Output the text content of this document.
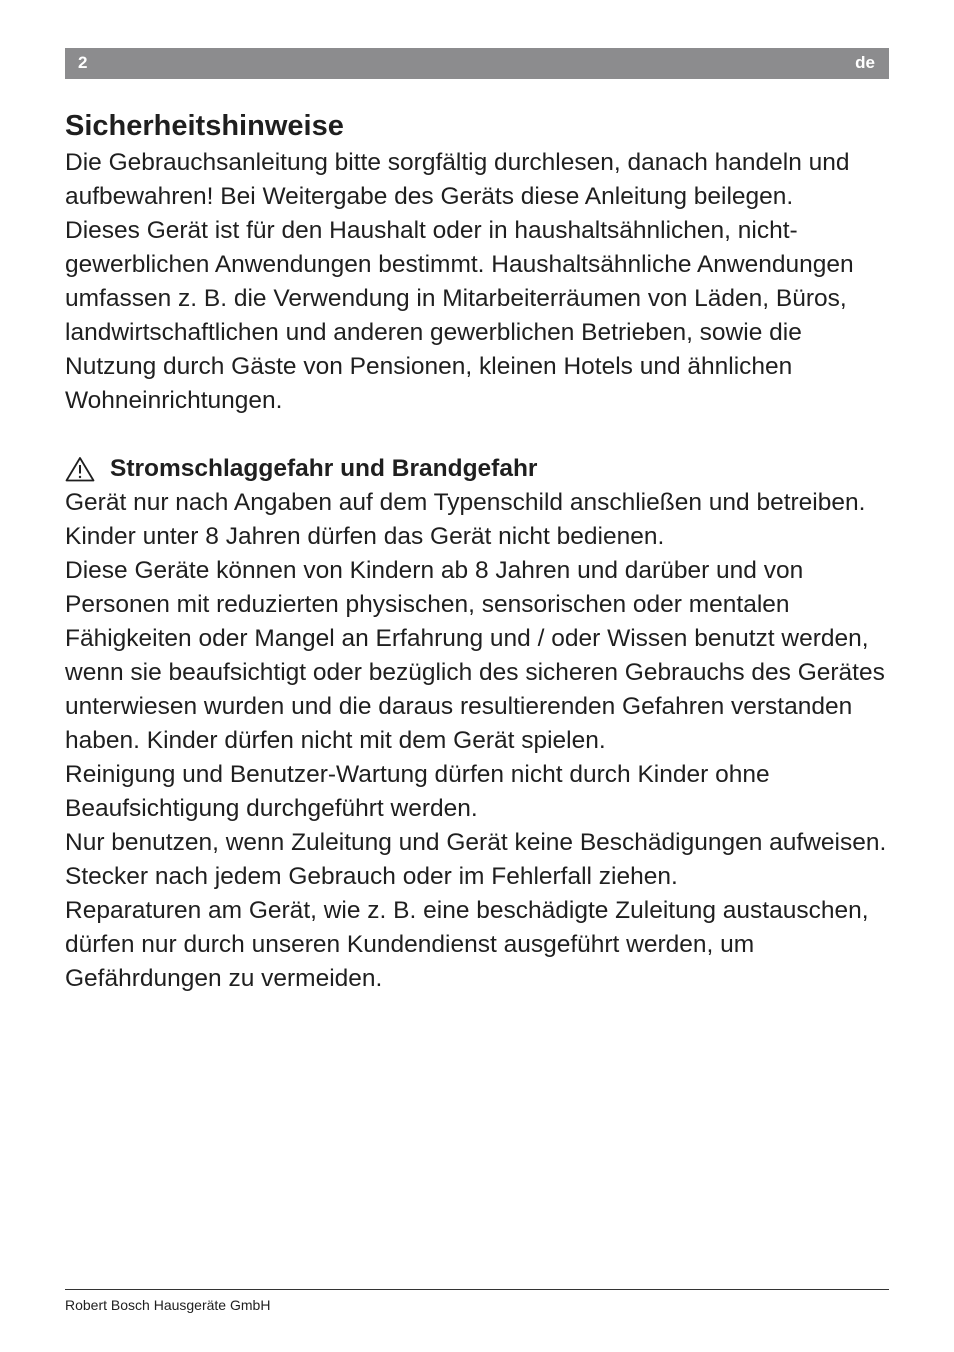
2	de
Sicherheitshinweise

Die Gebrauchsanleitung bitte sorgfältig durchlesen, danach handeln und aufbewahren! Bei Weitergabe des Geräts diese Anleitung beilegen.

Dieses Gerät ist für den Haushalt oder in haushaltsähnlichen, nicht-gewerblichen Anwendungen bestimmt. Haushaltsähnliche Anwendungen umfassen z. B. die Verwendung in Mitarbeiterräumen von Läden, Büros, landwirtschaftlichen und anderen gewerblichen Betrieben, sowie die Nutzung durch Gäste von Pensionen, kleinen Hotels und ähnlichen Wohneinrichtungen.

Stromschlaggefahr und Brandgefahr

Gerät nur nach Angaben auf dem Typenschild anschließen und betreiben.

Kinder unter 8 Jahren dürfen das Gerät nicht bedienen.

Diese Geräte können von Kindern ab 8 Jahren und darüber und von Personen mit reduzierten physischen, sensorischen oder mentalen Fähigkeiten oder Mangel an Erfahrung und / oder Wissen benutzt werden, wenn sie beaufsichtigt oder bezüglich des sicheren Gebrauchs des Gerätes unterwiesen wurden und die daraus resultierenden Gefahren verstanden haben. Kinder dürfen nicht mit dem Gerät spielen.

Reinigung und Benutzer-Wartung dürfen nicht durch Kinder ohne Beaufsichtigung durchgeführt werden.

Nur benutzen, wenn Zuleitung und Gerät keine Beschädigungen aufweisen.

Stecker nach jedem Gebrauch oder im Fehlerfall ziehen.

Reparaturen am Gerät, wie z. B. eine beschädigte Zuleitung austauschen, dürfen nur durch unseren Kundendienst ausgeführt werden, um Gefährdungen zu vermeiden.

Robert Bosch Hausgeräte GmbH
